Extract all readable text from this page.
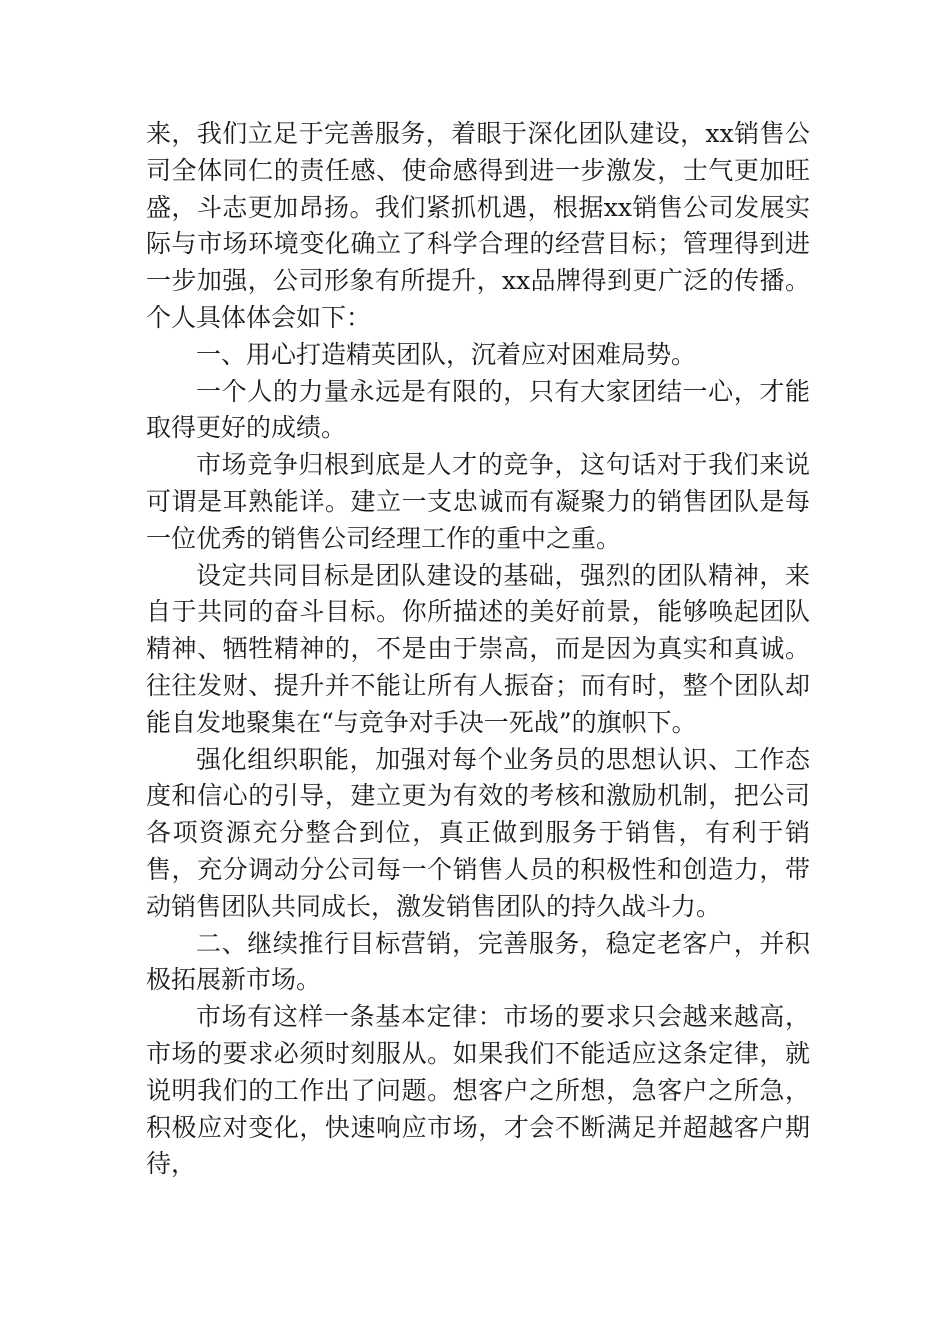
来，我们立足于完善服务，着眼于深化团队建设，xx销售公司全体同仁的责任感、使命感得到进一步激发，士气更加旺盛，斗志更加昂扬。我们紧抓机遇，根据xx销售公司发展实际与市场环境变化确立了科学合理的经营目标；管理得到进一步加强，公司形象有所提升，xx品牌得到更广泛的传播。个人具体体会如下：

一、用心打造精英团队，沉着应对困难局势。

一个人的力量永远是有限的，只有大家团结一心，才能取得更好的成绩。

市场竞争归根到底是人才的竞争，这句话对于我们来说可谓是耳熟能详。建立一支忠诚而有凝聚力的销售团队是每一位优秀的销售公司经理工作的重中之重。

设定共同目标是团队建设的基础，强烈的团队精神，来自于共同的奋斗目标。你所描述的美好前景，能够唤起团队精神、牺牲精神的，不是由于崇高，而是因为真实和真诚。往往发财、提升并不能让所有人振奋；而有时，整个团队却能自发地聚集在“与竞争对手决一死战”的旗帜下。

强化组织职能，加强对每个业务员的思想认识、工作态度和信心的引导，建立更为有效的考核和激励机制，把公司各项资源充分整合到位，真正做到服务于销售，有利于销售，充分调动分公司每一个销售人员的积极性和创造力，带动销售团队共同成长，激发销售团队的持久战斗力。

二、继续推行目标营销，完善服务，稳定老客户，并积极拓展新市场。

市场有这样一条基本定律：市场的要求只会越来越高，市场的要求必须时刻服从。如果我们不能适应这条定律，就说明我们的工作出了问题。想客户之所想，急客户之所急，积极应对变化，快速响应市场，才会不断满足并超越客户期待，
